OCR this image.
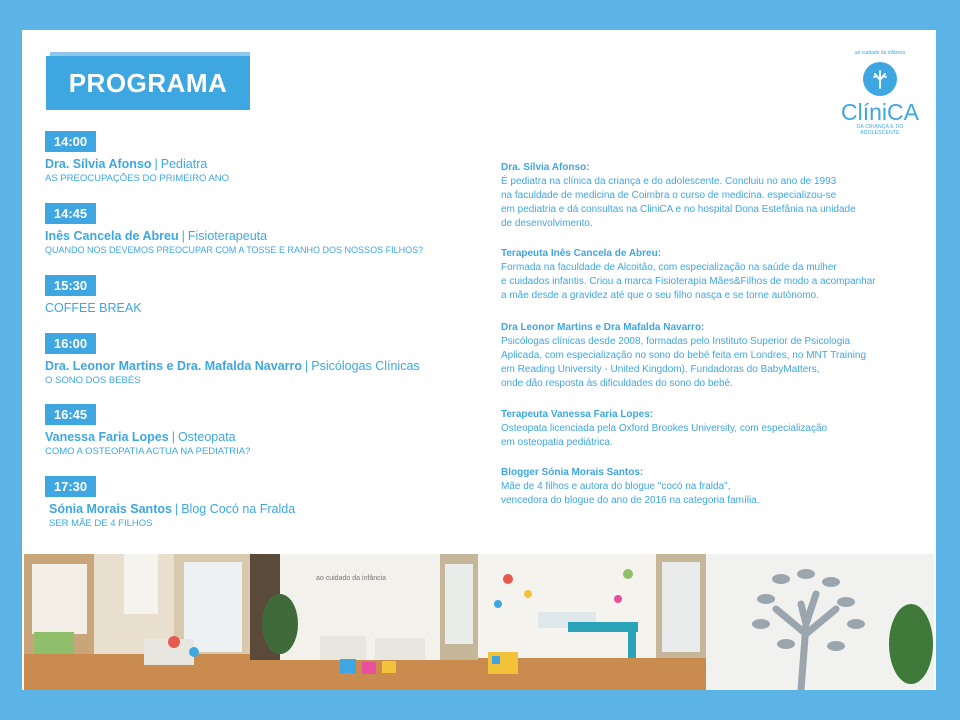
PROGRAMA
ao cuidado da infância
ClíniCA
DA CRIANÇA E DO ADOLESCENTE
14:00
Dra. Sílvia Afonso | Pediatra
AS PREOCUPAÇÕES DO PRIMEIRO ANO
14:45
Inês Cancela de Abreu | Fisioterapeuta
QUANDO NOS DEVEMOS PREOCUPAR COM A TOSSE E RANHO DOS NOSSOS FILHOS?
15:30
COFFEE BREAK
16:00
Dra. Leonor Martins e Dra. Mafalda Navarro | Psicólogas Clínicas
O SONO DOS BEBÉS
16:45
Vanessa Faria Lopes | Osteopata
COMO A OSTEOPATIA ACTUA NA PEDIATRIA?
17:30
Sónia Morais Santos | Blog Cocó na Fralda
SER MÃE DE 4 FILHOS
Dra. Sílvia Afonso:
É pediatra na clínica da criança e do adolescente. Concluiu no ano de 1993
na faculdade de medicina de Coimbra o curso de medicina. especializou-se
em pediatria e dá consultas na CliniCA e no hospital Dona Estefânia na unidade
de desenvolvimento.
Terapeuta Inês Cancela de Abreu:
Formada na faculdade de Alcoitão, com especialização na saúde da mulher
e cuidados infantis. Criou a marca Fisioterapia Mães&Filhos de modo a acompanhar
a mãe desde a gravidez até que o seu filho nasça e se torne autónomo.
Dra Leonor Martins e Dra Mafalda Navarro:
Psicólogas clínicas desde 2008, formadas pelo Instituto Superior de Psicologia
Aplicada, com especialização no sono do bebé feita em Londres, no MNT Training
em Reading University - United Kingdom). Fundadoras do BabyMatters,
onde dão resposta às dificuldades do sono do bebé.
Terapeuta Vanessa Faria Lopes:
Osteopata licenciada pela Oxford Brookes University, com especialização
em osteopatia pediátrica.
Blogger Sónia Morais Santos:
Mãe de 4 filhos e autora do blogue "cocó na fralda",
vencedora do blogue do ano de 2016 na categoria família.
ao cuidado da infância
